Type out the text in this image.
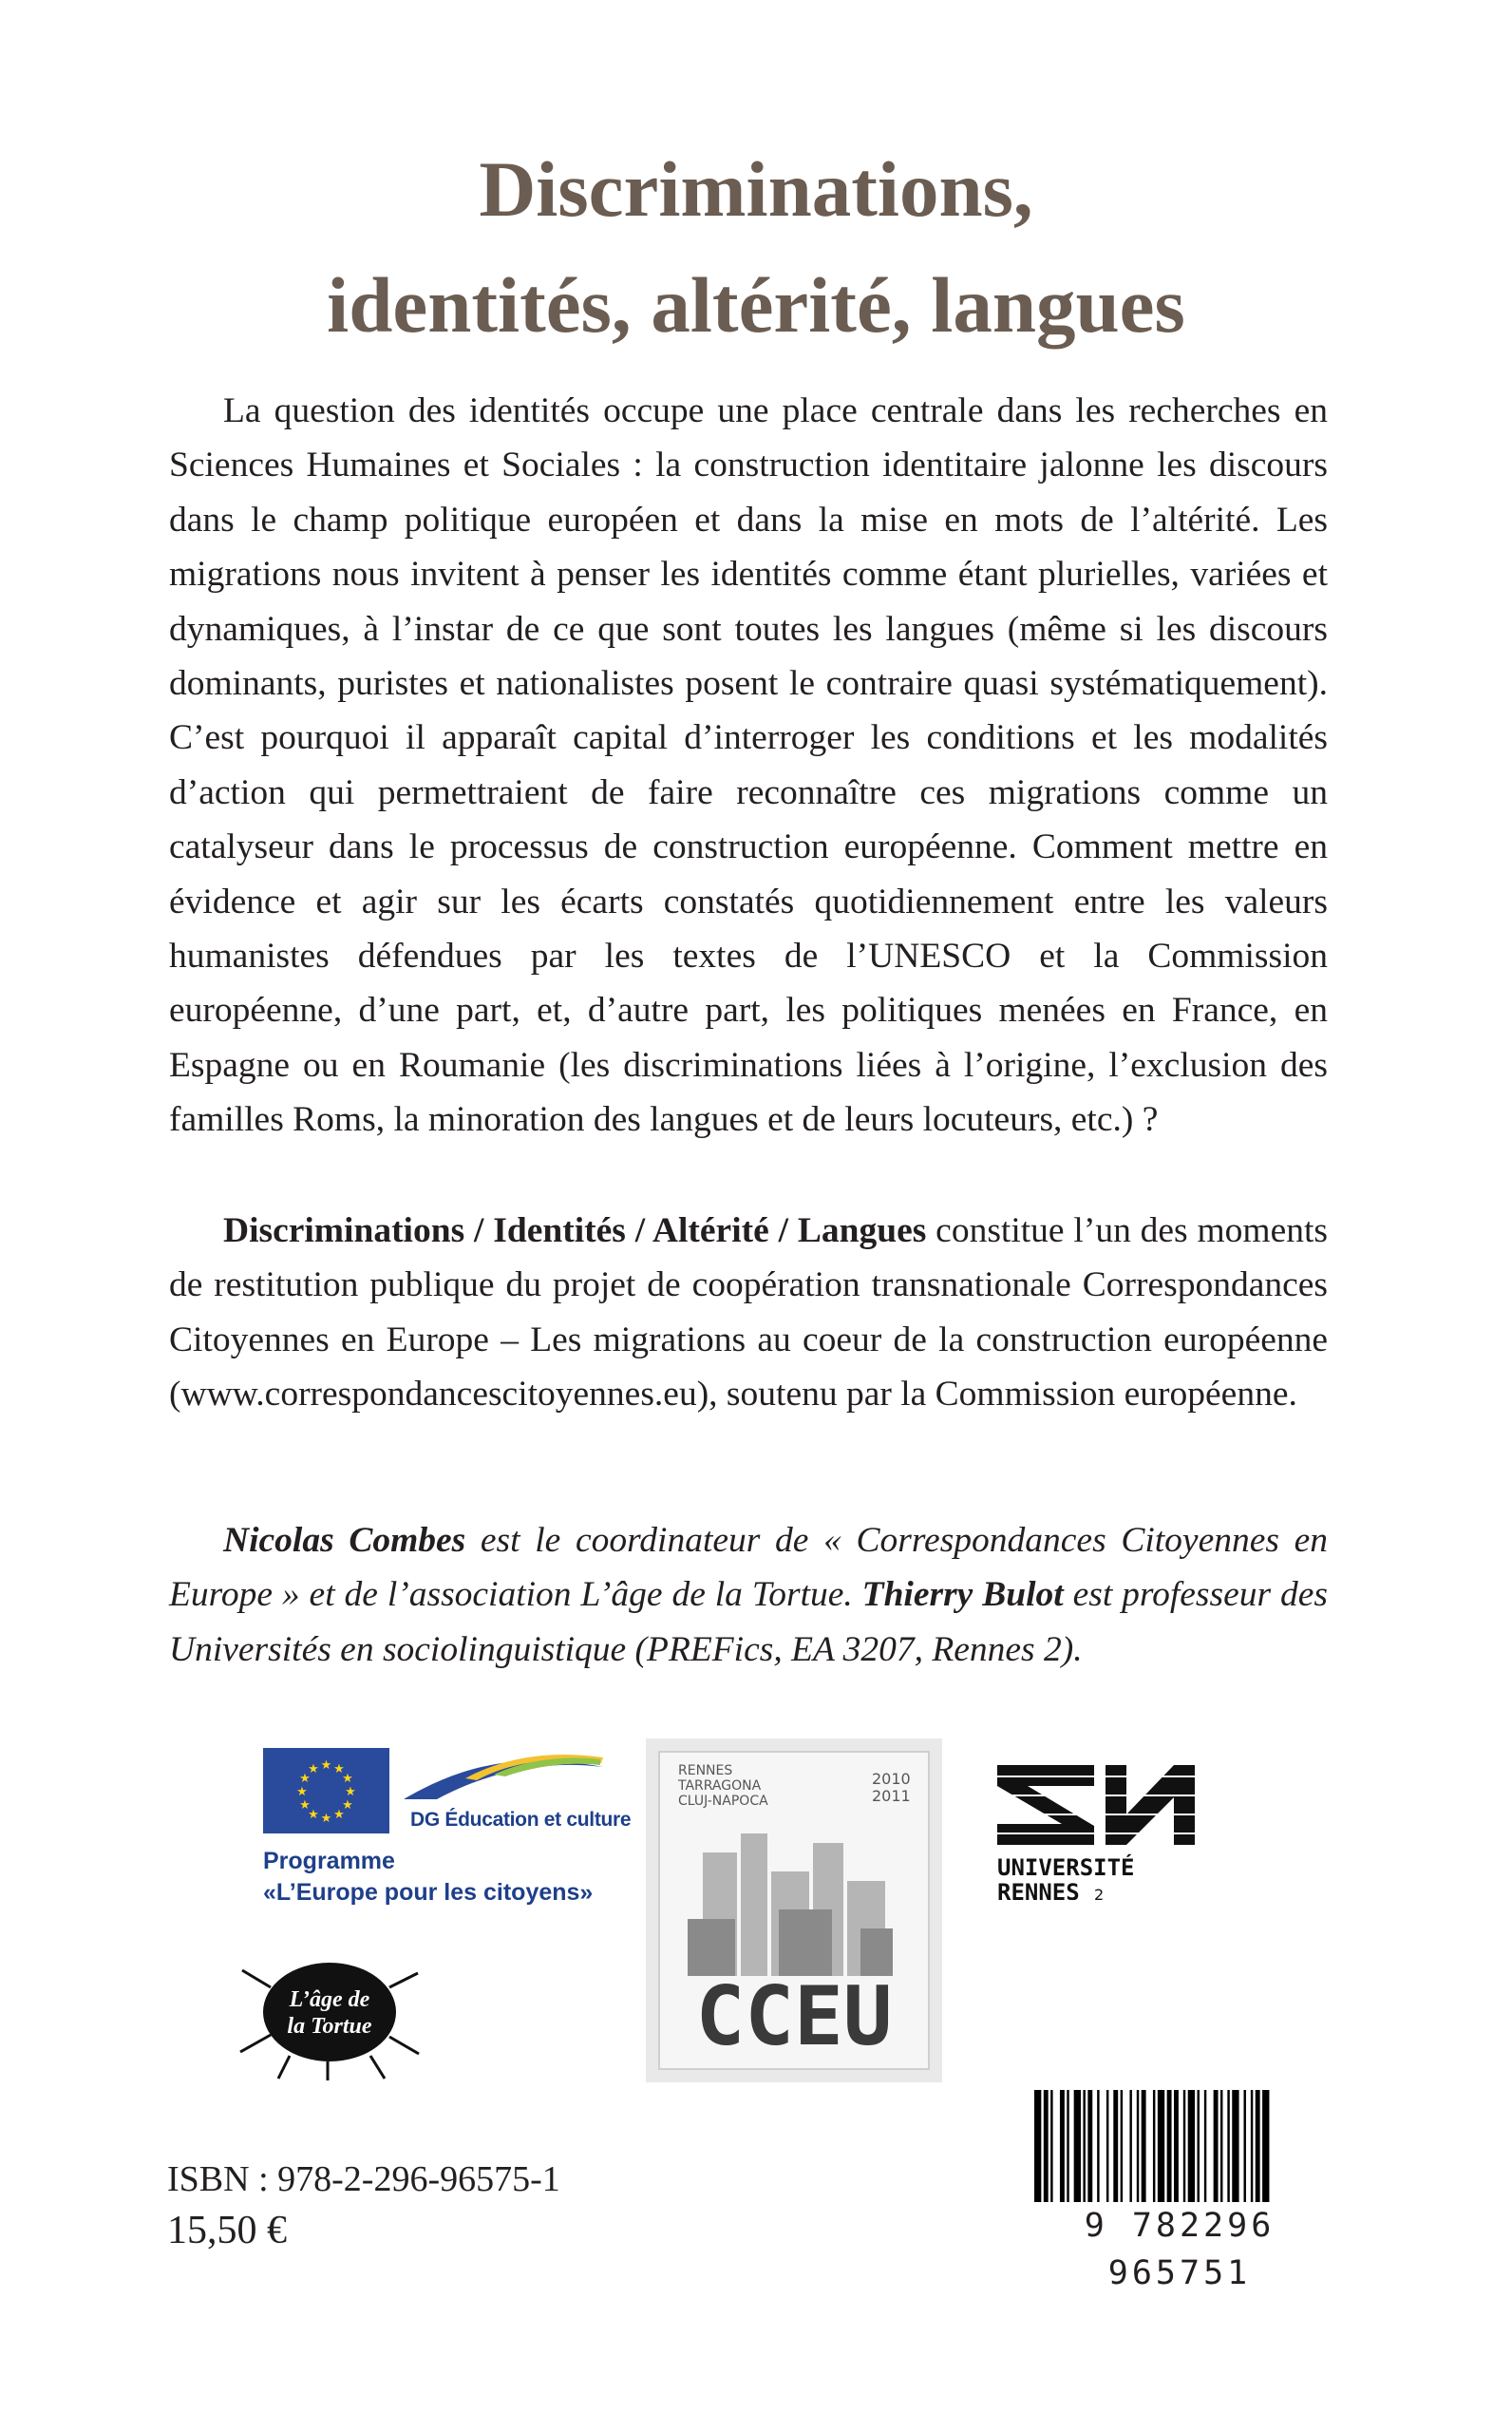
Discriminations,
identités, altérité, langues

La question des identités occupe une place centrale dans les recherches en Sciences Humaines et Sociales : la construction identitaire jalonne les discours dans le champ politique européen et dans la mise en mots de l’altérité. Les migrations nous invitent à penser les identités comme étant plurielles, variées et dynamiques, à l’instar de ce que sont toutes les langues (même si les discours dominants, puristes et nationalistes posent le contraire quasi systématiquement). C’est pourquoi il apparaît capital d’interroger les conditions et les modalités d’action qui permettraient de faire reconnaître ces migrations comme un catalyseur dans le processus de construction européenne. Comment mettre en évidence et agir sur les écarts constatés quotidiennement entre les valeurs humanistes défendues par les textes de l’UNESCO et la Commission européenne, d’une part, et, d’autre part, les politiques menées en France, en Espagne ou en Roumanie (les discriminations liées à l’origine, l’exclusion des familles Roms, la minoration des langues et de leurs locuteurs, etc.) ?

Discriminations / Identités / Altérité / Langues constitue l’un des moments de restitution publique du projet de coopération transnationale Correspondances Citoyennes en Europe – Les migrations au coeur de la construction européenne (www.correspondancescitoyennes.eu), soutenu par la Commission européenne.

Nicolas Combes est le coordinateur de « Correspondances Citoyennes en Europe » et de l’association L’âge de la Tortue. Thierry Bulot est professeur des Universités en sociolinguistique (PREFics, EA 3207, Rennes 2).

★ ★
★
★
★
★
★
★
★
★
★
★
DG Éducation et culture
Programme
«L’Europe pour les citoyens»
L’âge de
la Tortue
RENNES
TARRAGONA
CLUJ-NAPOCA
2010
2011
CCEU
UNIVERSITÉ
RENNES 2
ISBN : 978-2-296-96575-1
15,50 €	9 782296 965751
